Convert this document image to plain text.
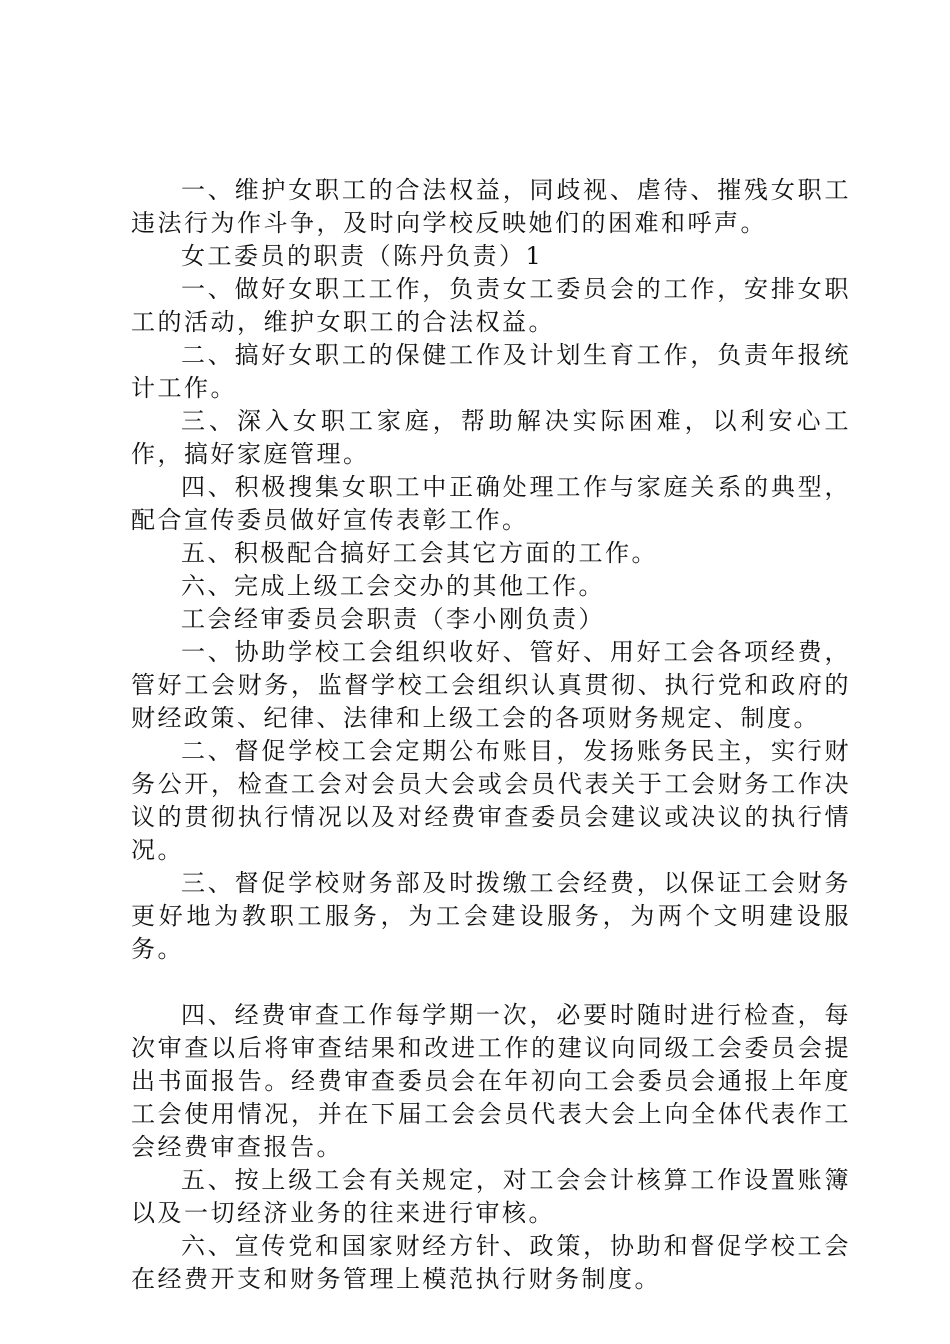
一、维护女职工的合法权益，同歧视、虐待、摧残女职工违法行为作斗争，及时向学校反映她们的困难和呼声。

女工委员的职责（陈丹负责）1

一、做好女职工工作，负责女工委员会的工作，安排女职工的活动，维护女职工的合法权益。

二、搞好女职工的保健工作及计划生育工作，负责年报统计工作。

三、深入女职工家庭，帮助解决实际困难，以利安心工作，搞好家庭管理。

四、积极搜集女职工中正确处理工作与家庭关系的典型，配合宣传委员做好宣传表彰工作。

五、积极配合搞好工会其它方面的工作。

六、完成上级工会交办的其他工作。

工会经审委员会职责（李小刚负责）

一、协助学校工会组织收好、管好、用好工会各项经费，管好工会财务，监督学校工会组织认真贯彻、执行党和政府的财经政策、纪律、法律和上级工会的各项财务规定、制度。

二、督促学校工会定期公布账目，发扬账务民主，实行财务公开，检查工会对会员大会或会员代表关于工会财务工作决议的贯彻执行情况以及对经费审查委员会建议或决议的执行情况。

三、督促学校财务部及时拨缴工会经费，以保证工会财务更好地为教职工服务，为工会建设服务，为两个文明建设服务。

四、经费审查工作每学期一次，必要时随时进行检查，每次审查以后将审查结果和改进工作的建议向同级工会委员会提出书面报告。经费审查委员会在年初向工会委员会通报上年度工会使用情况，并在下届工会会员代表大会上向全体代表作工会经费审查报告。

五、按上级工会有关规定，对工会会计核算工作设置账簿以及一切经济业务的往来进行审核。

六、宣传党和国家财经方针、政策，协助和督促学校工会在经费开支和财务管理上模范执行财务制度。
